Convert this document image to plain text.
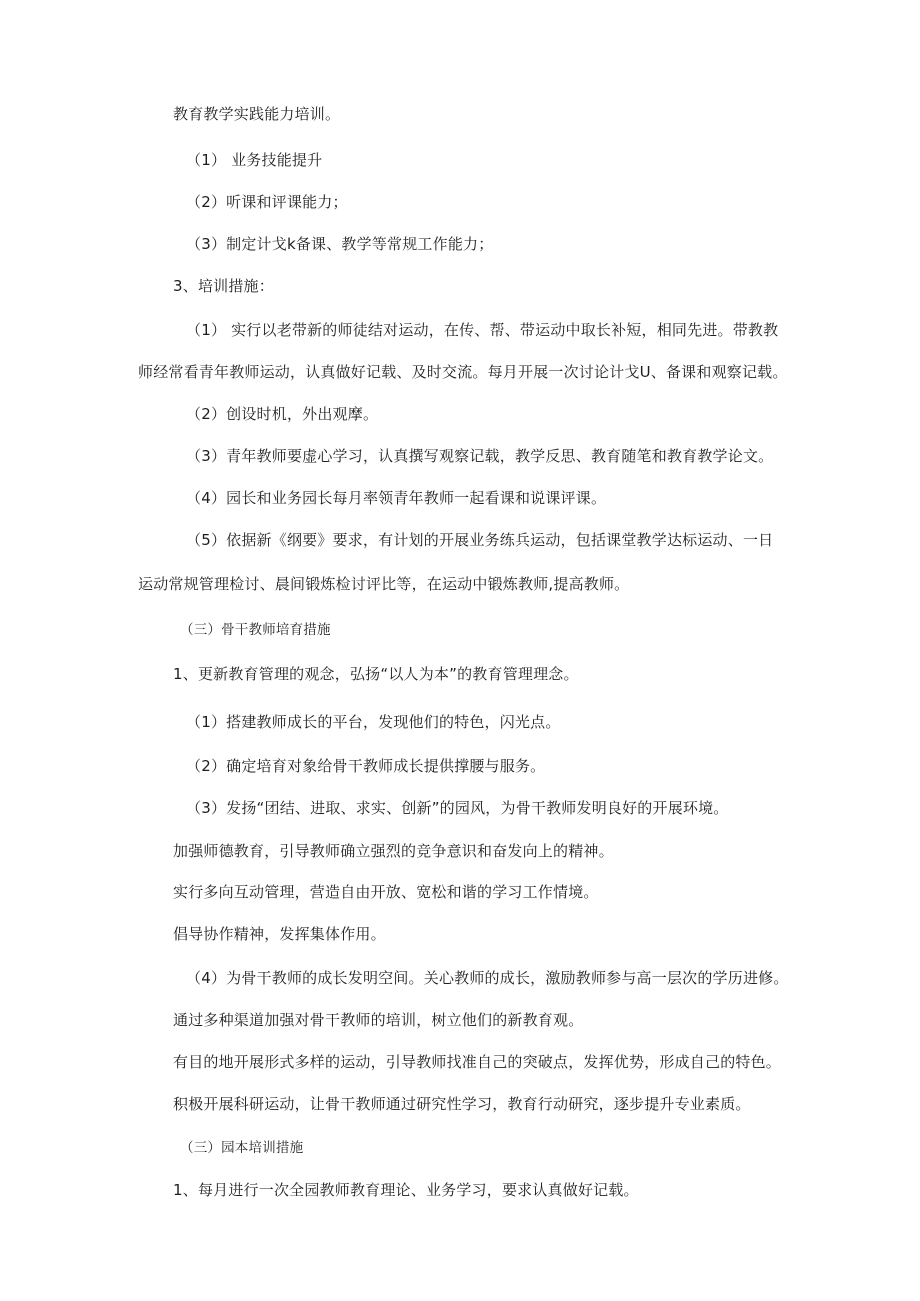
教育教学实践能力培训。
（1） 业务技能提升
（2）听课和评课能力；
（3）制定计戈k备课、教学等常规工作能力；
3、培训措施：
（1） 实行以老带新的师徒结对运动，在传、帮、带运动中取长补短，相同先进。带教教
师经常看青年教师运动，认真做好记载、及时交流。每月开展一次讨论计戈U、备课和观察记载。
（2）创设时机，外出观摩。
（3）青年教师要虚心学习，认真撰写观察记载，教学反思、教育随笔和教育教学论文。
（4）园长和业务园长每月率领青年教师一起看课和说课评课。
（5）依据新《纲要》要求，有计划的开展业务练兵运动，包括课堂教学达标运动、一日
运动常规管理检讨、晨间锻炼检讨评比等，在运动中锻炼教师,提高教师。
（三）骨干教师培育措施
1、更新教育管理的观念，弘扬“以人为本”的教育管理理念。
（1）搭建教师成长的平台，发现他们的特色，闪光点。
（2）确定培育对象给骨干教师成长提供撑腰与服务。
（3）发扬“团结、进取、求实、创新”的园风，为骨干教师发明良好的开展环境。
加强师德教育，引导教师确立强烈的竞争意识和奋发向上的精神。
实行多向互动管理，营造自由开放、宽松和谐的学习工作情境。
倡导协作精神，发挥集体作用。
（4）为骨干教师的成长发明空间。关心教师的成长，激励教师参与高一层次的学历进修。
通过多种渠道加强对骨干教师的培训，树立他们的新教育观。
有目的地开展形式多样的运动，引导教师找准自己的突破点，发挥优势，形成自己的特色。
积极开展科研运动，让骨干教师通过研究性学习，教育行动研究，逐步提升专业素质。
（三）园本培训措施
1、每月进行一次全园教师教育理论、业务学习，要求认真做好记载。
